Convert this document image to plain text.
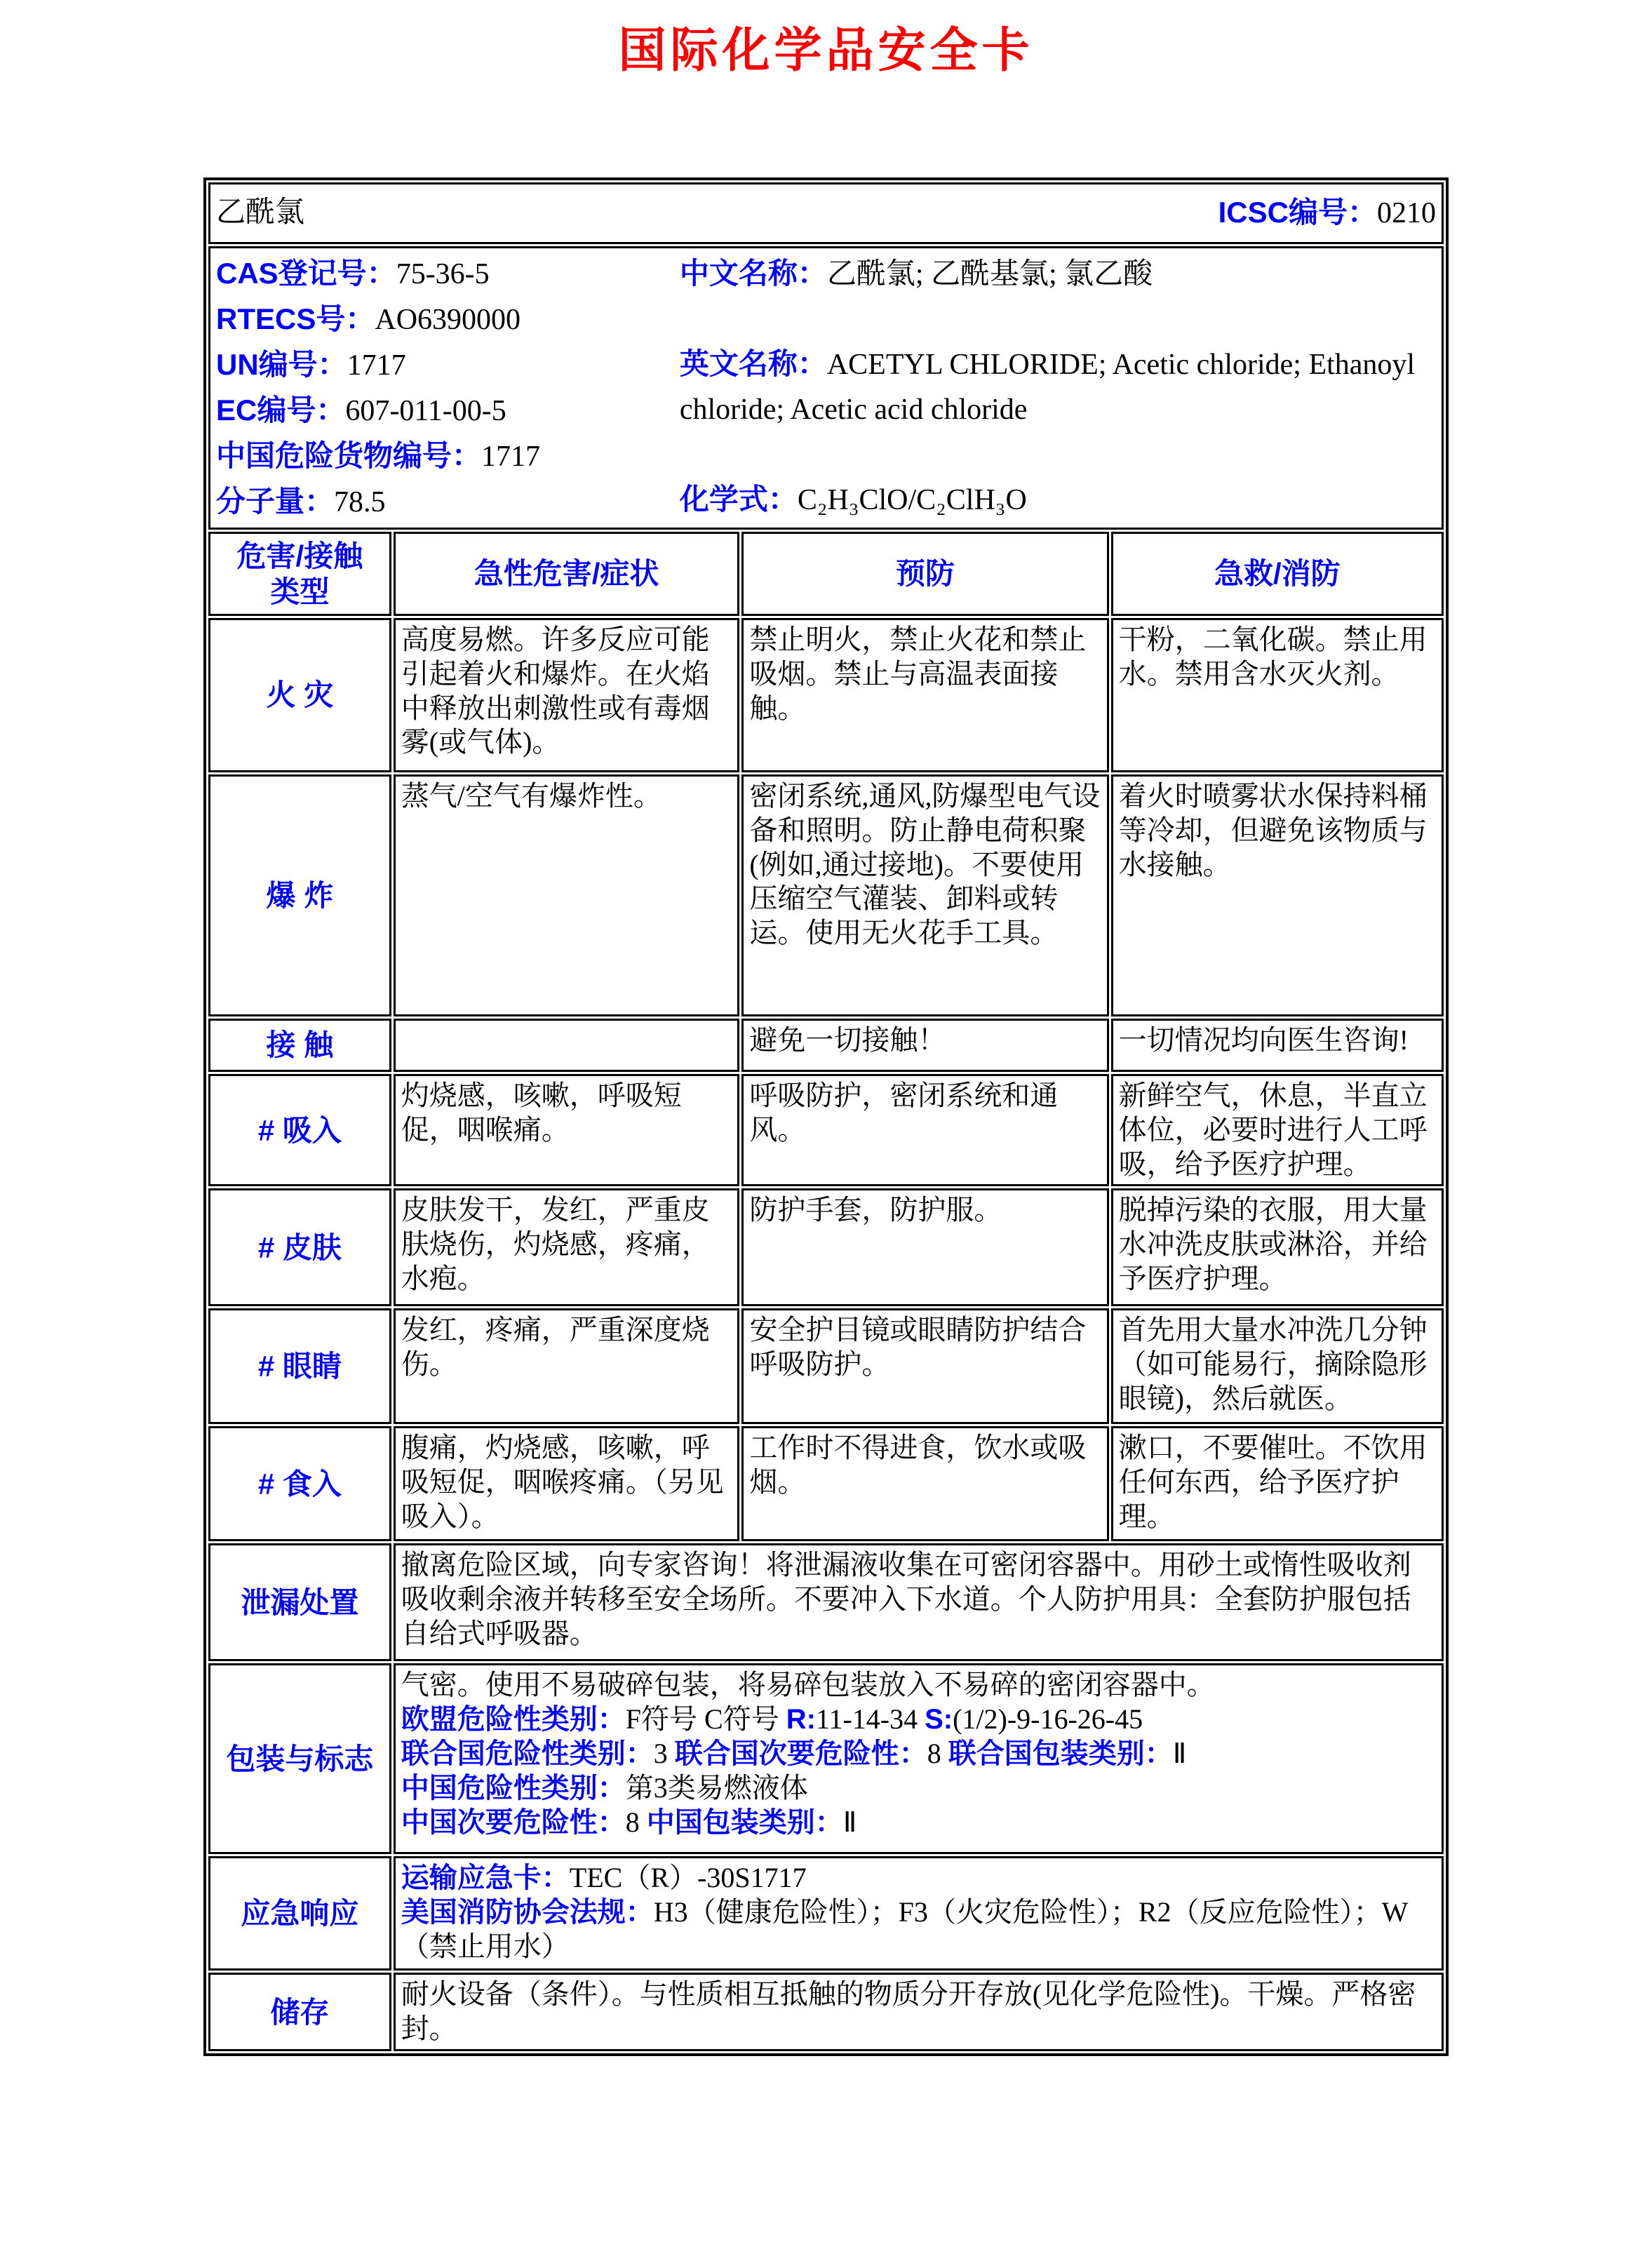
国际化学品安全卡
乙酰氯 ICSC编号：0210			

CAS登记号：75-36-5
RTECS号：AO6390000
UN编号：1717
EC编号：607-011-00-5
中国危险货物编号：1717
分子量：78.5
中文名称：乙酰氯; 乙酰基氯; 氯乙酸
英文名称：ACETYL CHLORIDE; Acetic chloride; Ethanoyl chloride; Acetic acid chloride
化学式：C₂H₃ClO/C₂ClH₃O

危害/接触
类型	急性危害/症状	预防	急救/消防
火 灾	高度易燃。许多反应可能引起着火和爆炸。在火焰中释放出刺激性或有毒烟雾(或气体)。	禁止明火，禁止火花和禁止吸烟。禁止与高温表面接触。	干粉，二氧化碳。禁止用水。禁用含水灭火剂。
爆 炸	蒸气/空气有爆炸性。	密闭系统,通风,防爆型电气设备和照明。防止静电荷积聚(例如,通过接地)。不要使用压缩空气灌装、卸料或转运。使用无火花手工具。	着火时喷雾状水保持料桶等冷却，但避免该物质与水接触。
接 触		避免一切接触！	一切情况均向医生咨询!
# 吸入	灼烧感，咳嗽，呼吸短促，咽喉痛。	呼吸防护，密闭系统和通风。	新鲜空气，休息，半直立体位，必要时进行人工呼吸，给予医疗护理。
# 皮肤	皮肤发干，发红，严重皮肤烧伤，灼烧感，疼痛，水疱。	防护手套，防护服。	脱掉污染的衣服，用大量水冲洗皮肤或淋浴，并给予医疗护理。
# 眼睛	发红，疼痛，严重深度烧伤。	安全护目镜或眼睛防护结合呼吸防护。	首先用大量水冲洗几分钟（如可能易行，摘除隐形眼镜)，然后就医。
# 食入	腹痛，灼烧感，咳嗽，呼吸短促，咽喉疼痛。（另见吸入）。	工作时不得进食，饮水或吸烟。	漱口，不要催吐。不饮用任何东西，给予医疗护理。
泄漏处置	撤离危险区域，向专家咨询！将泄漏液收集在可密闭容器中。用砂土或惰性吸收剂吸收剩余液并转移至安全场所。不要冲入下水道。个人防护用具：全套防护服包括自给式呼吸器。		
包装与标志	气密。使用不易破碎包装，将易碎包装放入不易碎的密闭容器中。
欧盟危险性类别：F符号 C符号 R:11-14-34 S:(1/2)-9-16-26-45
联合国危险性类别：3 联合国次要危险性：8 联合国包装类别：Ⅱ
中国危险性类别：第3类易燃液体
中国次要危险性：8 中国包装类别：Ⅱ		

应急响应	运输应急卡：TEC（R）-30S1717
美国消防协会法规：H3（健康危险性）；F3（火灾危险性）；R2（反应危险性）；W （禁止用水）		

储存	耐火设备（条件）。与性质相互抵触的物质分开存放(见化学危险性)。干燥。严格密封。		
